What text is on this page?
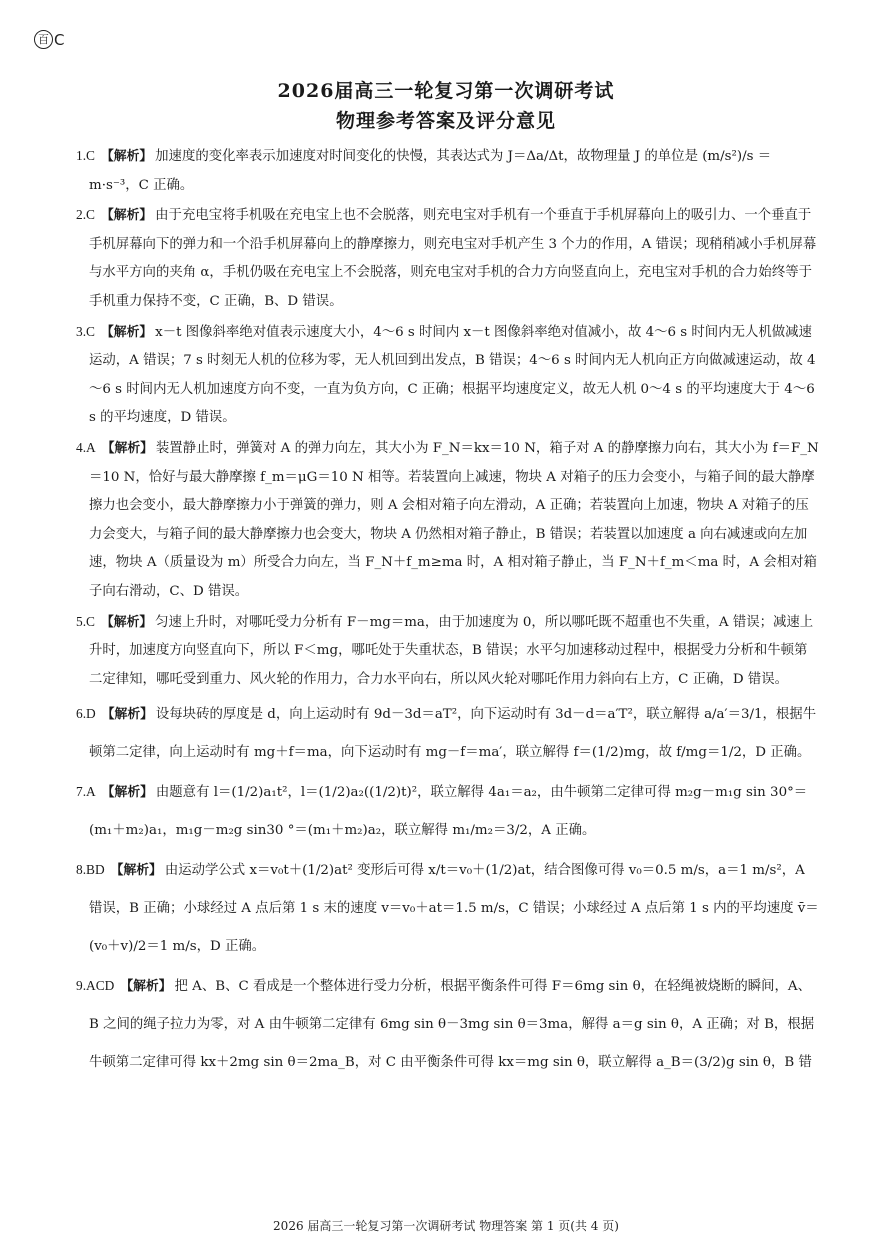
百 C
2026届高三一轮复习第一次调研考试
物理参考答案及评分意见

1.C 【解析】 加速度的变化率表示加速度对时间变化的快慢，其表达式为 J＝Δa/Δt，故物理量 J 的单位是 (m/s²)/s ＝m·s⁻³，C 正确。

2.C 【解析】 由于充电宝将手机吸在充电宝上也不会脱落，则充电宝对手机有一个垂直于手机屏幕向上的吸引力、一个垂直于手机屏幕向下的弹力和一个沿手机屏幕向上的静摩擦力，则充电宝对手机产生 3 个力的作用，A 错误；现稍稍减小手机屏幕与水平方向的夹角 α，手机仍吸在充电宝上不会脱落，则充电宝对手机的合力方向竖直向上，充电宝对手机的合力始终等于手机重力保持不变，C 正确，B、D 错误。

3.C 【解析】 x－t 图像斜率绝对值表示速度大小，4～6 s 时间内 x－t 图像斜率绝对值减小，故 4～6 s 时间内无人机做减速运动，A 错误；7 s 时刻无人机的位移为零，无人机回到出发点，B 错误；4～6 s 时间内无人机向正方向做减速运动，故 4～6 s 时间内无人机加速度方向不变，一直为负方向，C 正确；根据平均速度定义，故无人机 0～4 s 的平均速度大于 4～6 s 的平均速度，D 错误。

4.A 【解析】 装置静止时，弹簧对 A 的弹力向左，其大小为 F_N＝kx＝10 N，箱子对 A 的静摩擦力向右，其大小为 f＝F_N＝10 N，恰好与最大静摩擦 f_m＝μG＝10 N 相等。若装置向上减速，物块 A 对箱子的压力会变小，与箱子间的最大静摩擦力也会变小，最大静摩擦力小于弹簧的弹力，则 A 会相对箱子向左滑动，A 正确；若装置向上加速，物块 A 对箱子的压力会变大，与箱子间的最大静摩擦力也会变大，物块 A 仍然相对箱子静止，B 错误；若装置以加速度 a 向右减速或向左加速，物块 A（质量设为 m）所受合力向左，当 F_N＋f_m≥ma 时，A 相对箱子静止，当 F_N＋f_m＜ma 时，A 会相对箱子向右滑动，C、D 错误。

5.C 【解析】 匀速上升时，对哪吒受力分析有 F－mg＝ma，由于加速度为 0，所以哪吒既不超重也不失重，A 错误；减速上升时，加速度方向竖直向下，所以 F＜mg，哪吒处于失重状态，B 错误；水平匀加速移动过程中，根据受力分析和牛顿第二定律知，哪吒受到重力、风火轮的作用力，合力水平向右，所以风火轮对哪吒作用力斜向右上方，C 正确，D 错误。

6.D 【解析】 设每块砖的厚度是 d，向上运动时有 9d－3d＝aT²，向下运动时有 3d－d＝a′T²，联立解得 a/a′＝3/1，根据牛顿第二定律，向上运动时有 mg＋f＝ma，向下运动时有 mg－f＝ma′，联立解得 f＝(1/2)mg，故 f/mg＝1/2，D 正确。

7.A 【解析】 由题意有 l＝(1/2)a₁t²，l＝(1/2)a₂((1/2)t)²，联立解得 4a₁＝a₂，由牛顿第二定律可得 m₂g－m₁g sin 30°＝(m₁＋m₂)a₁，m₁g－m₂g sin30 °＝(m₁＋m₂)a₂，联立解得 m₁/m₂＝3/2，A 正确。

8.BD 【解析】 由运动学公式 x＝v₀t＋(1/2)at² 变形后可得 x/t＝v₀＋(1/2)at，结合图像可得 v₀＝0.5 m/s，a＝1 m/s²，A 错误，B 正确；小球经过 A 点后第 1 s 末的速度 v＝v₀＋at＝1.5 m/s，C 错误；小球经过 A 点后第 1 s 内的平均速度 v̄＝(v₀＋v)/2＝1 m/s，D 正确。

9.ACD 【解析】 把 A、B、C 看成是一个整体进行受力分析，根据平衡条件可得 F＝6mg sin θ，在轻绳被烧断的瞬间，A、B 之间的绳子拉力为零，对 A 由牛顿第二定律有 6mg sin θ－3mg sin θ＝3ma，解得 a＝g sin θ，A 正确；对 B，根据牛顿第二定律可得 kx＋2mg sin θ＝2ma_B，对 C 由平衡条件可得 kx＝mg sin θ，联立解得 a_B＝(3/2)g sin θ，B 错

2026 届高三一轮复习第一次调研考试 物理答案 第 1 页(共 4 页)
